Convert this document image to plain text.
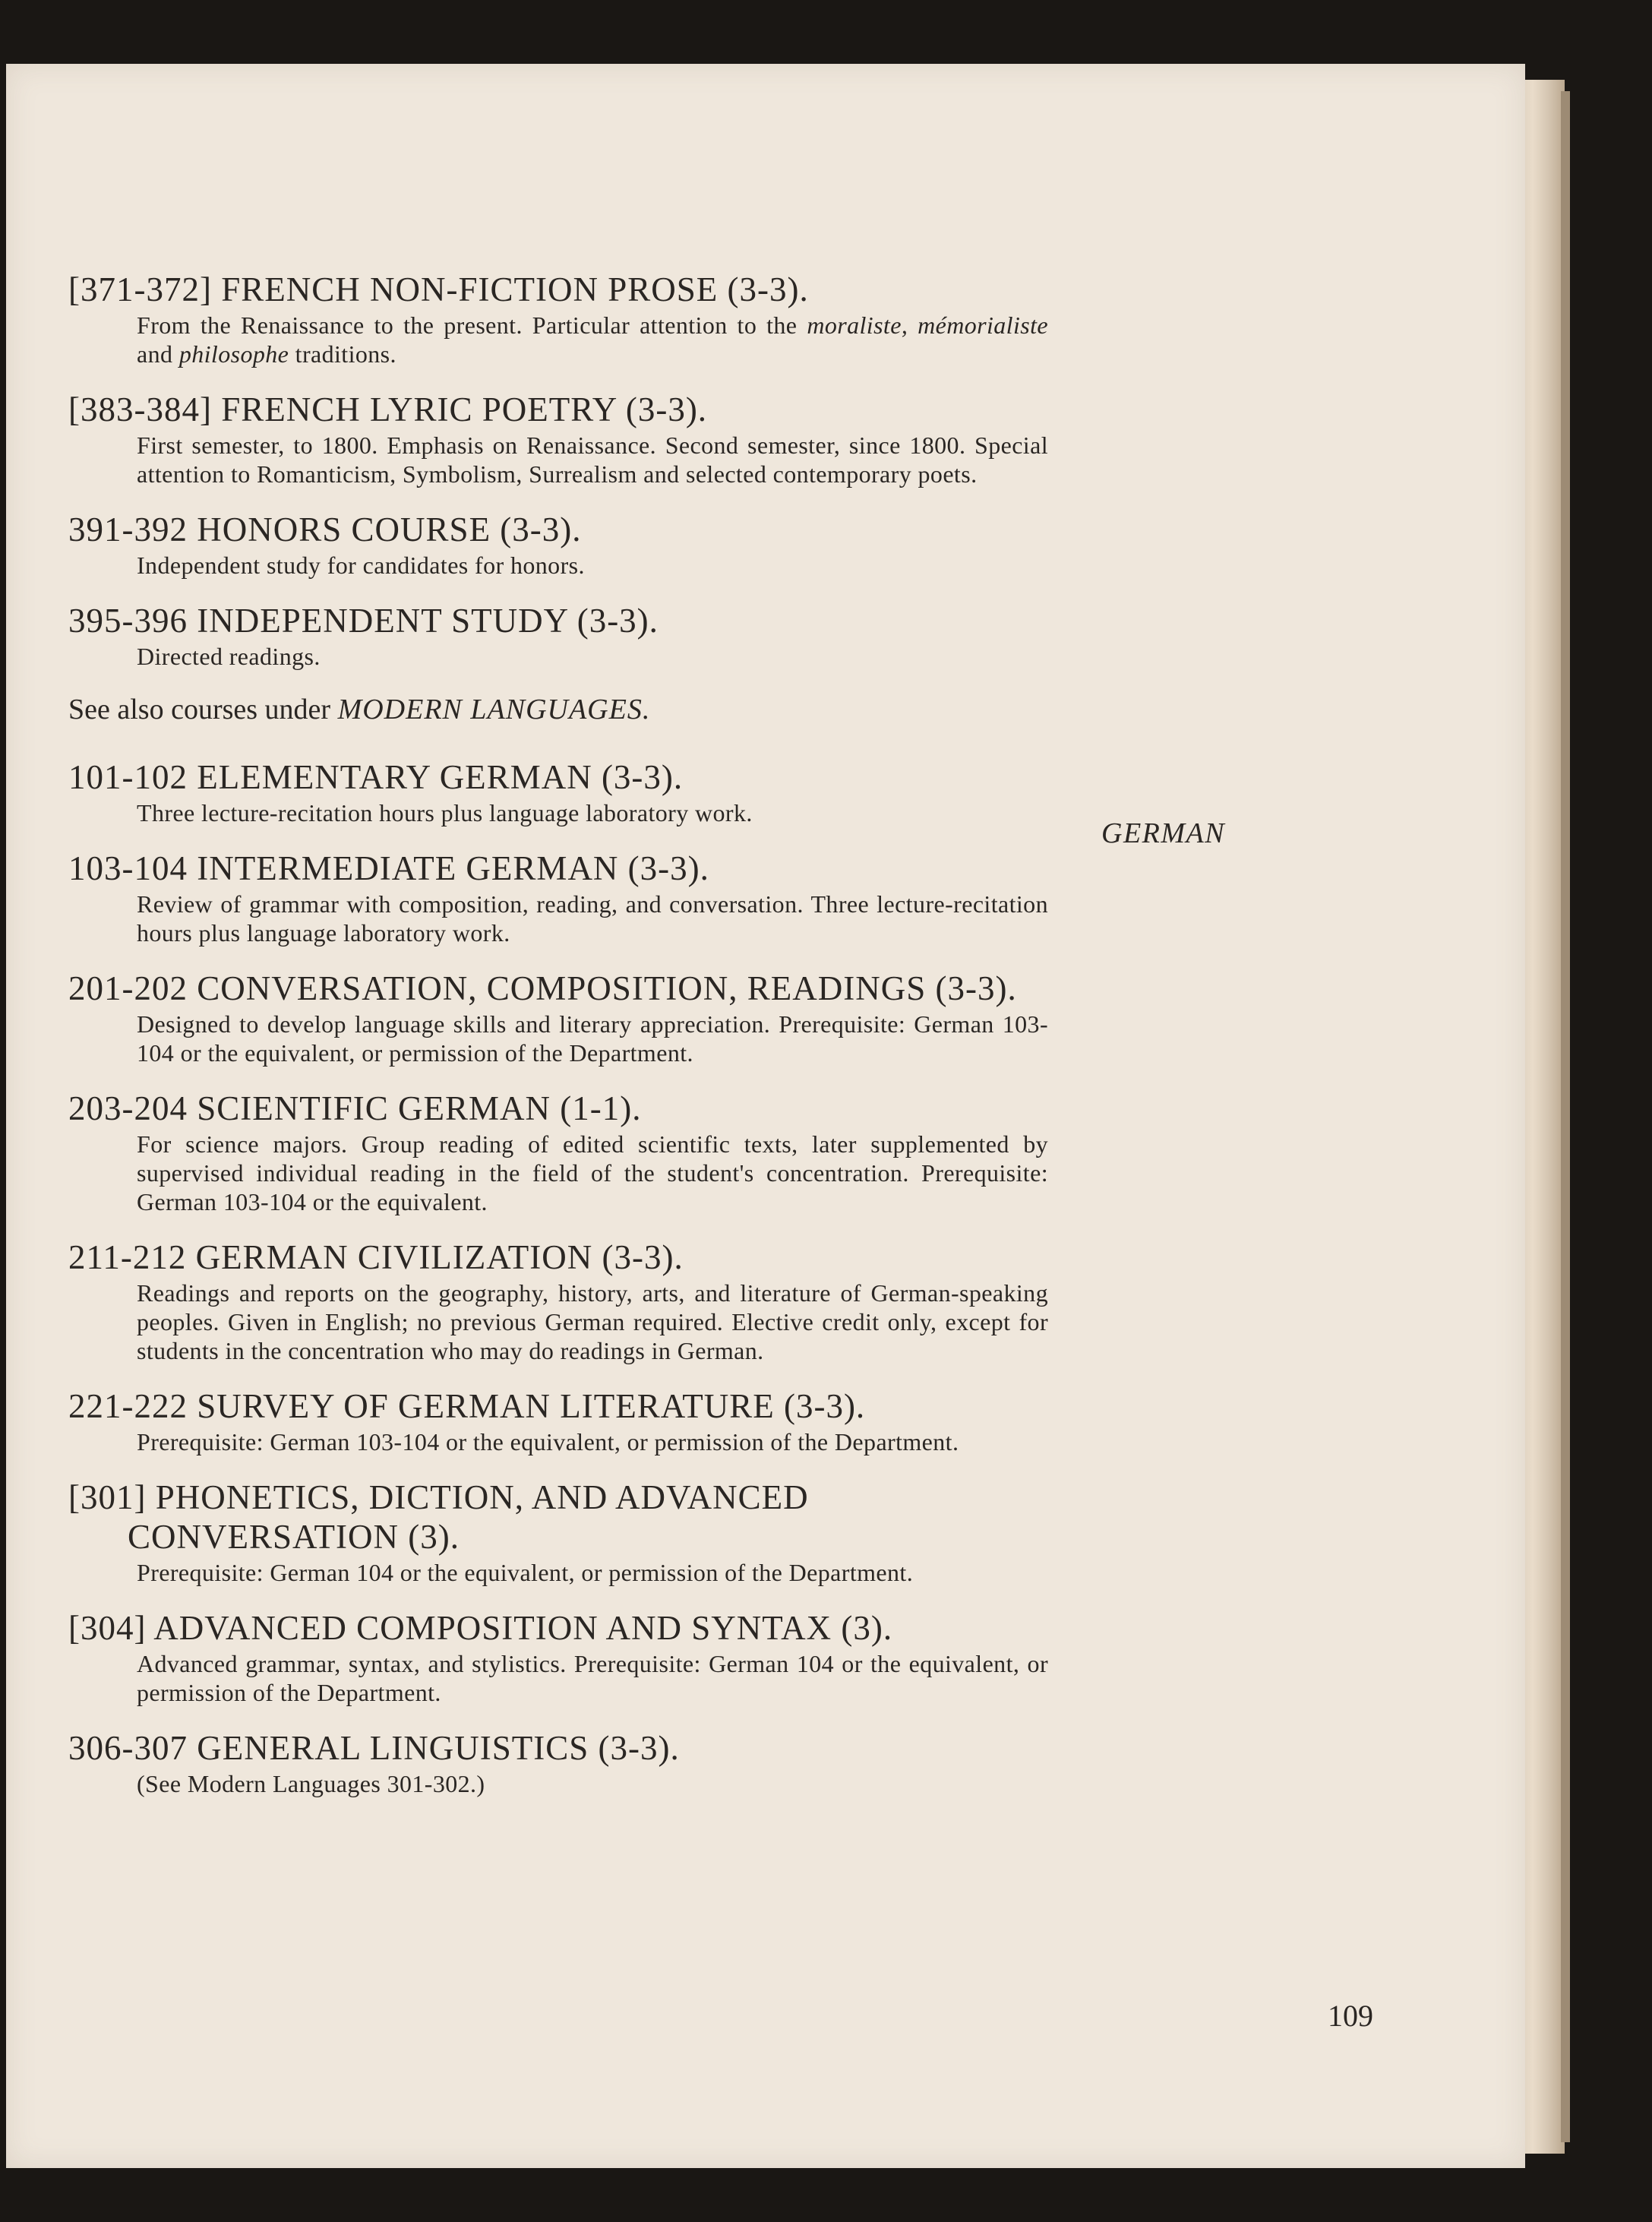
[371-372] FRENCH NON-FICTION PROSE (3-3).
From the Renaissance to the present. Particular attention to the moraliste, mémorialiste and philosophe traditions.
[383-384] FRENCH LYRIC POETRY (3-3).
First semester, to 1800. Emphasis on Renaissance. Second semester, since 1800. Special attention to Romanticism, Symbolism, Surrealism and selected contemporary poets.
391-392 HONORS COURSE (3-3).
Independent study for candidates for honors.
395-396 INDEPENDENT STUDY (3-3).
Directed readings.
See also courses under MODERN LANGUAGES.
101-102 ELEMENTARY GERMAN (3-3).
Three lecture-recitation hours plus language laboratory work.
103-104 INTERMEDIATE GERMAN (3-3).
Review of grammar with composition, reading, and conversation. Three lecture-recitation hours plus language laboratory work.
201-202 CONVERSATION, COMPOSITION, READINGS (3-3).
Designed to develop language skills and literary appreciation. Prerequisite: German 103-104 or the equivalent, or permission of the Department.
203-204 SCIENTIFIC GERMAN (1-1).
For science majors. Group reading of edited scientific texts, later supplemented by supervised individual reading in the field of the student's concentration. Prerequisite: German 103-104 or the equivalent.
211-212 GERMAN CIVILIZATION (3-3).
Readings and reports on the geography, history, arts, and literature of German-speaking peoples. Given in English; no previous German required. Elective credit only, except for students in the concentration who may do readings in German.
221-222 SURVEY OF GERMAN LITERATURE (3-3).
Prerequisite: German 103-104 or the equivalent, or permission of the Department.
[301] PHONETICS, DICTION, AND ADVANCED
CONVERSATION (3).
Prerequisite: German 104 or the equivalent, or permission of the Department.
[304] ADVANCED COMPOSITION AND SYNTAX (3).
Advanced grammar, syntax, and stylistics. Prerequisite: German 104 or the equivalent, or permission of the Department.
306-307 GENERAL LINGUISTICS (3-3).
(See Modern Languages 301-302.)
GERMAN
109
